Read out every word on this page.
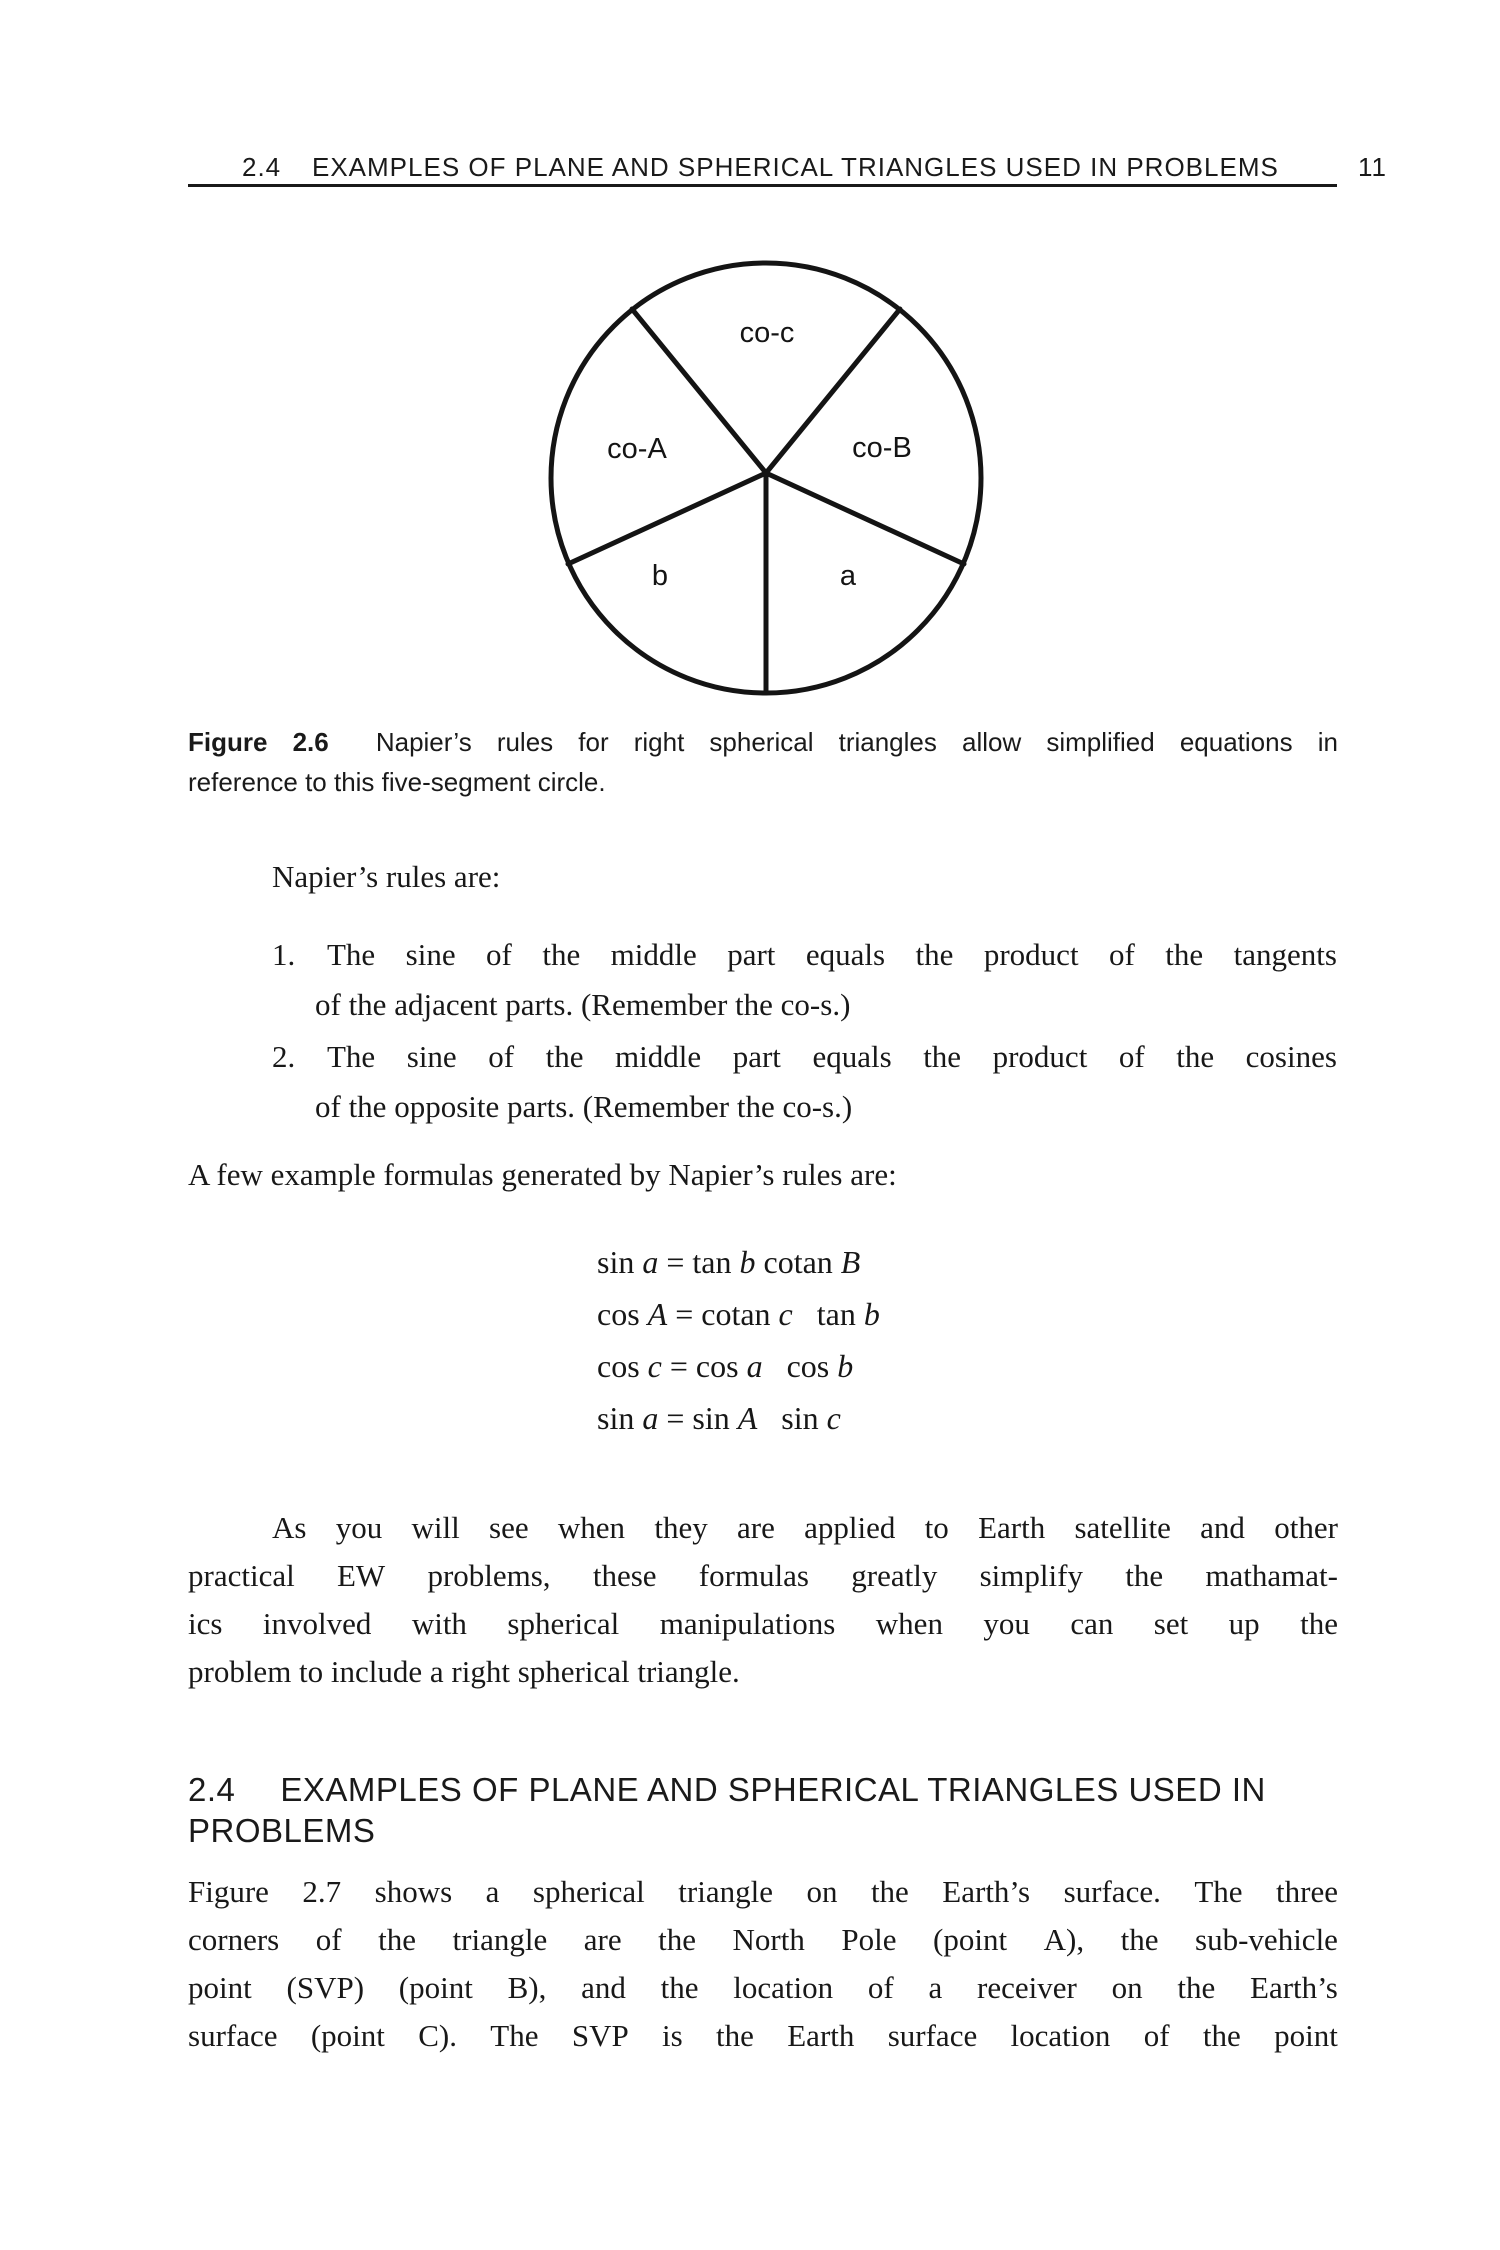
2.4 EXAMPLES OF PLANE AND SPHERICAL TRIANGLES USED IN PROBLEMS	11
co-c
co-A	co-B
b	a
Figure 2.6 Napier’s rules for right spherical triangles allow simplified equations in
reference to this five-segment circle.
Napier’s rules are:
1. The sine of the middle part equals the product of the tangents
of the adjacent parts. (Remember the co-s.)
2. The sine of the middle part equals the product of the cosines
of the opposite parts. (Remember the co-s.)
A few example formulas generated by Napier’s rules are:
sin a = tan b cotan B
cos A = cotan c   tan b
cos c = cos a   cos b
sin a = sin A   sin c
As you will see when they are applied to Earth satellite and other
practical EW problems, these formulas greatly simplify the mathamat-
ics involved with spherical manipulations when you can set up the
problem to include a right spherical triangle.
2.4 EXAMPLES OF PLANE AND SPHERICAL TRIANGLES USED IN
PROBLEMS
Figure 2.7 shows a spherical triangle on the Earth’s surface. The three
corners of the triangle are the North Pole (point A), the sub-vehicle
point (SVP) (point B), and the location of a receiver on the Earth’s
surface (point C). The SVP is the Earth surface location of the point
